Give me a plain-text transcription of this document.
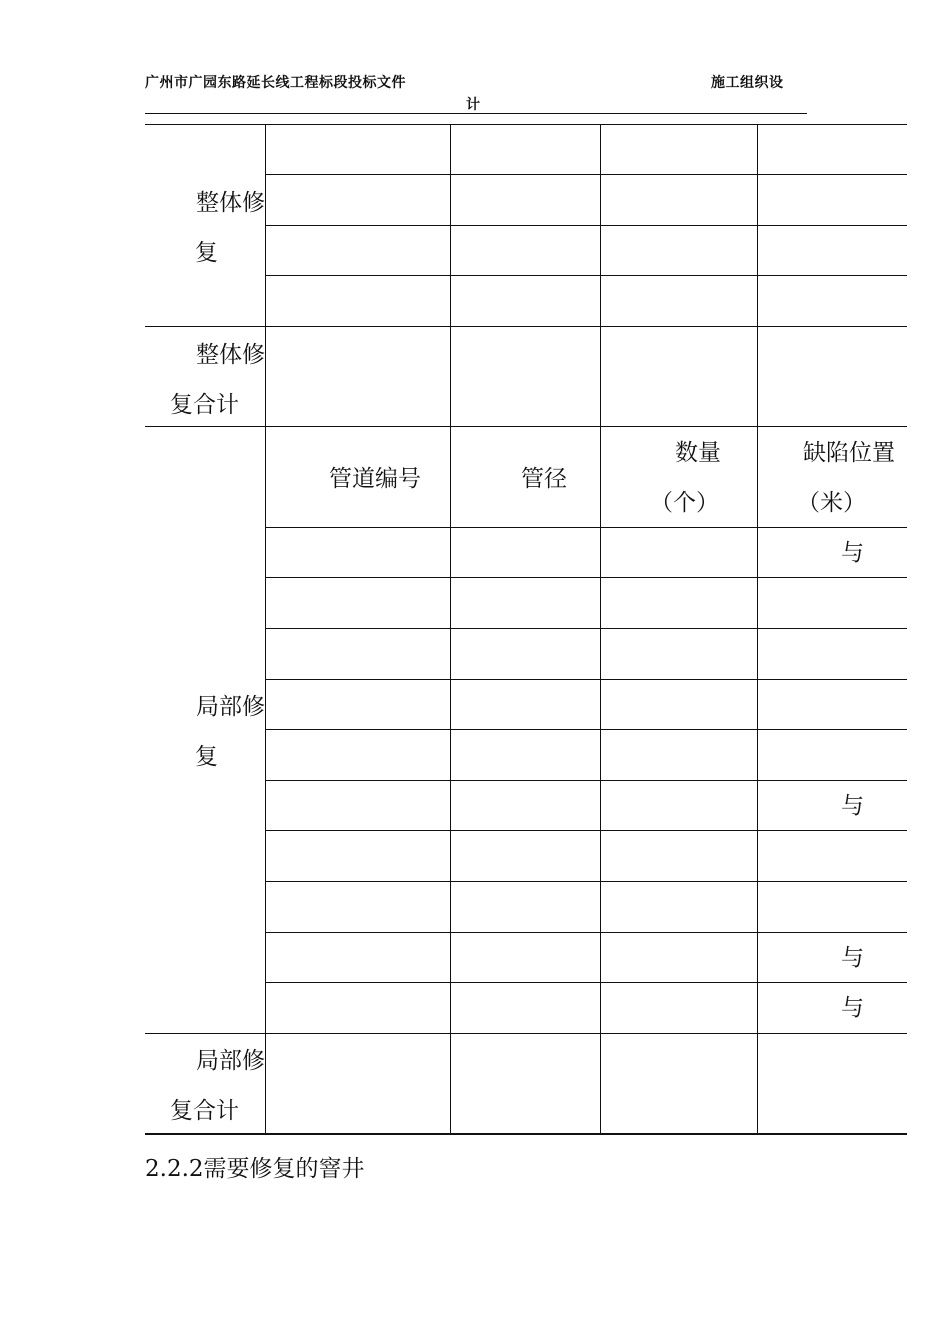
广州市广园东路延长线工程标段投标文件	施工组织设
计
整体修
复
整体修
复合计
管道编号	管径
数量
（个）
缺陷位置
（米）
局部修
复
与
与
与
与
局部修
复合计
2.2.2需要修复的窨井
